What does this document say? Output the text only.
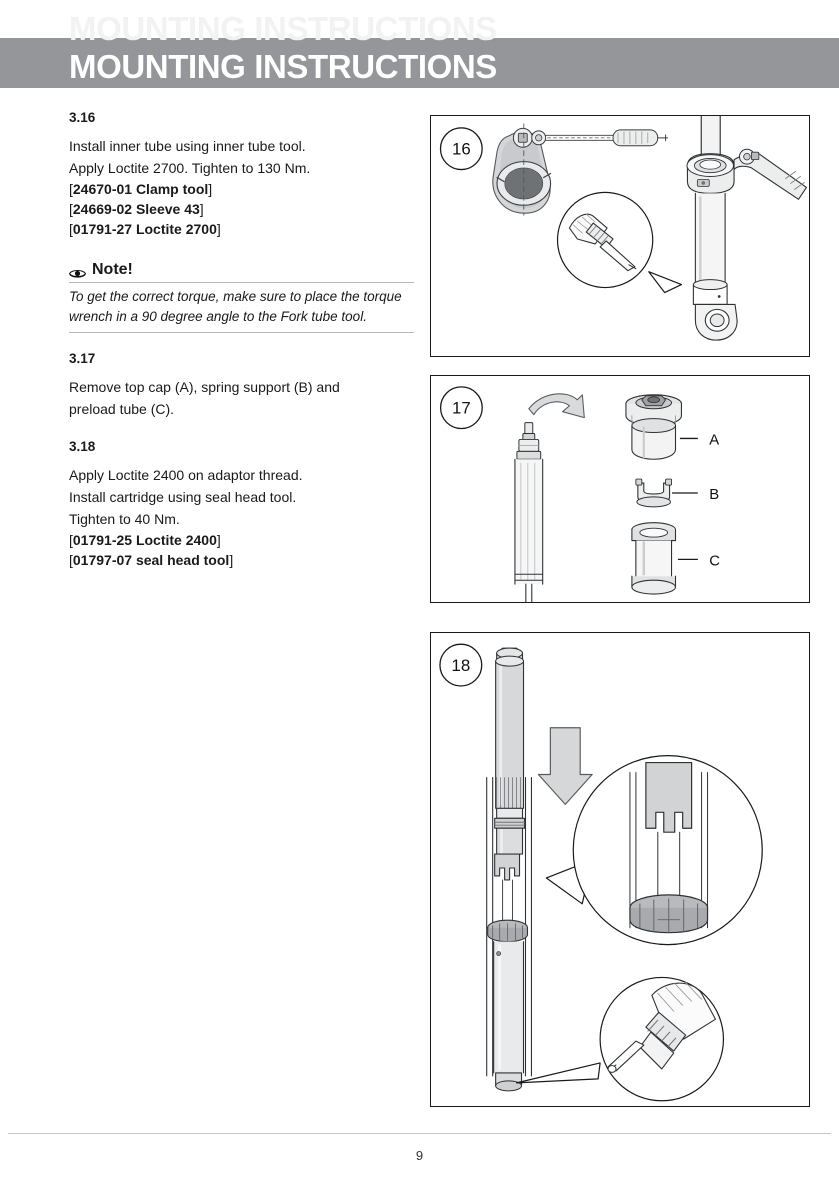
MOUNTING INSTRUCTIONS
MOUNTING INSTRUCTIONS

3.16

Install inner tube using inner tube tool.

Apply Loctite 2700. Tighten to 130 Nm.

[24670-01 Clamp tool]

[24669-02 Sleeve 43]

[01791-27 Loctite 2700]

Note!

To get the correct torque, make sure to place the torque wrench in a 90 degree angle to the Fork tube tool.

3.17

Remove top cap (A), spring support (B) and

preload tube (C).

3.18

Apply Loctite 2400 on adaptor thread.

Install cartridge using seal head tool.

Tighten to 40 Nm.

[01791-25 Loctite 2400]

[01797-07 seal head tool]

16
17
A
B
C
18
9
